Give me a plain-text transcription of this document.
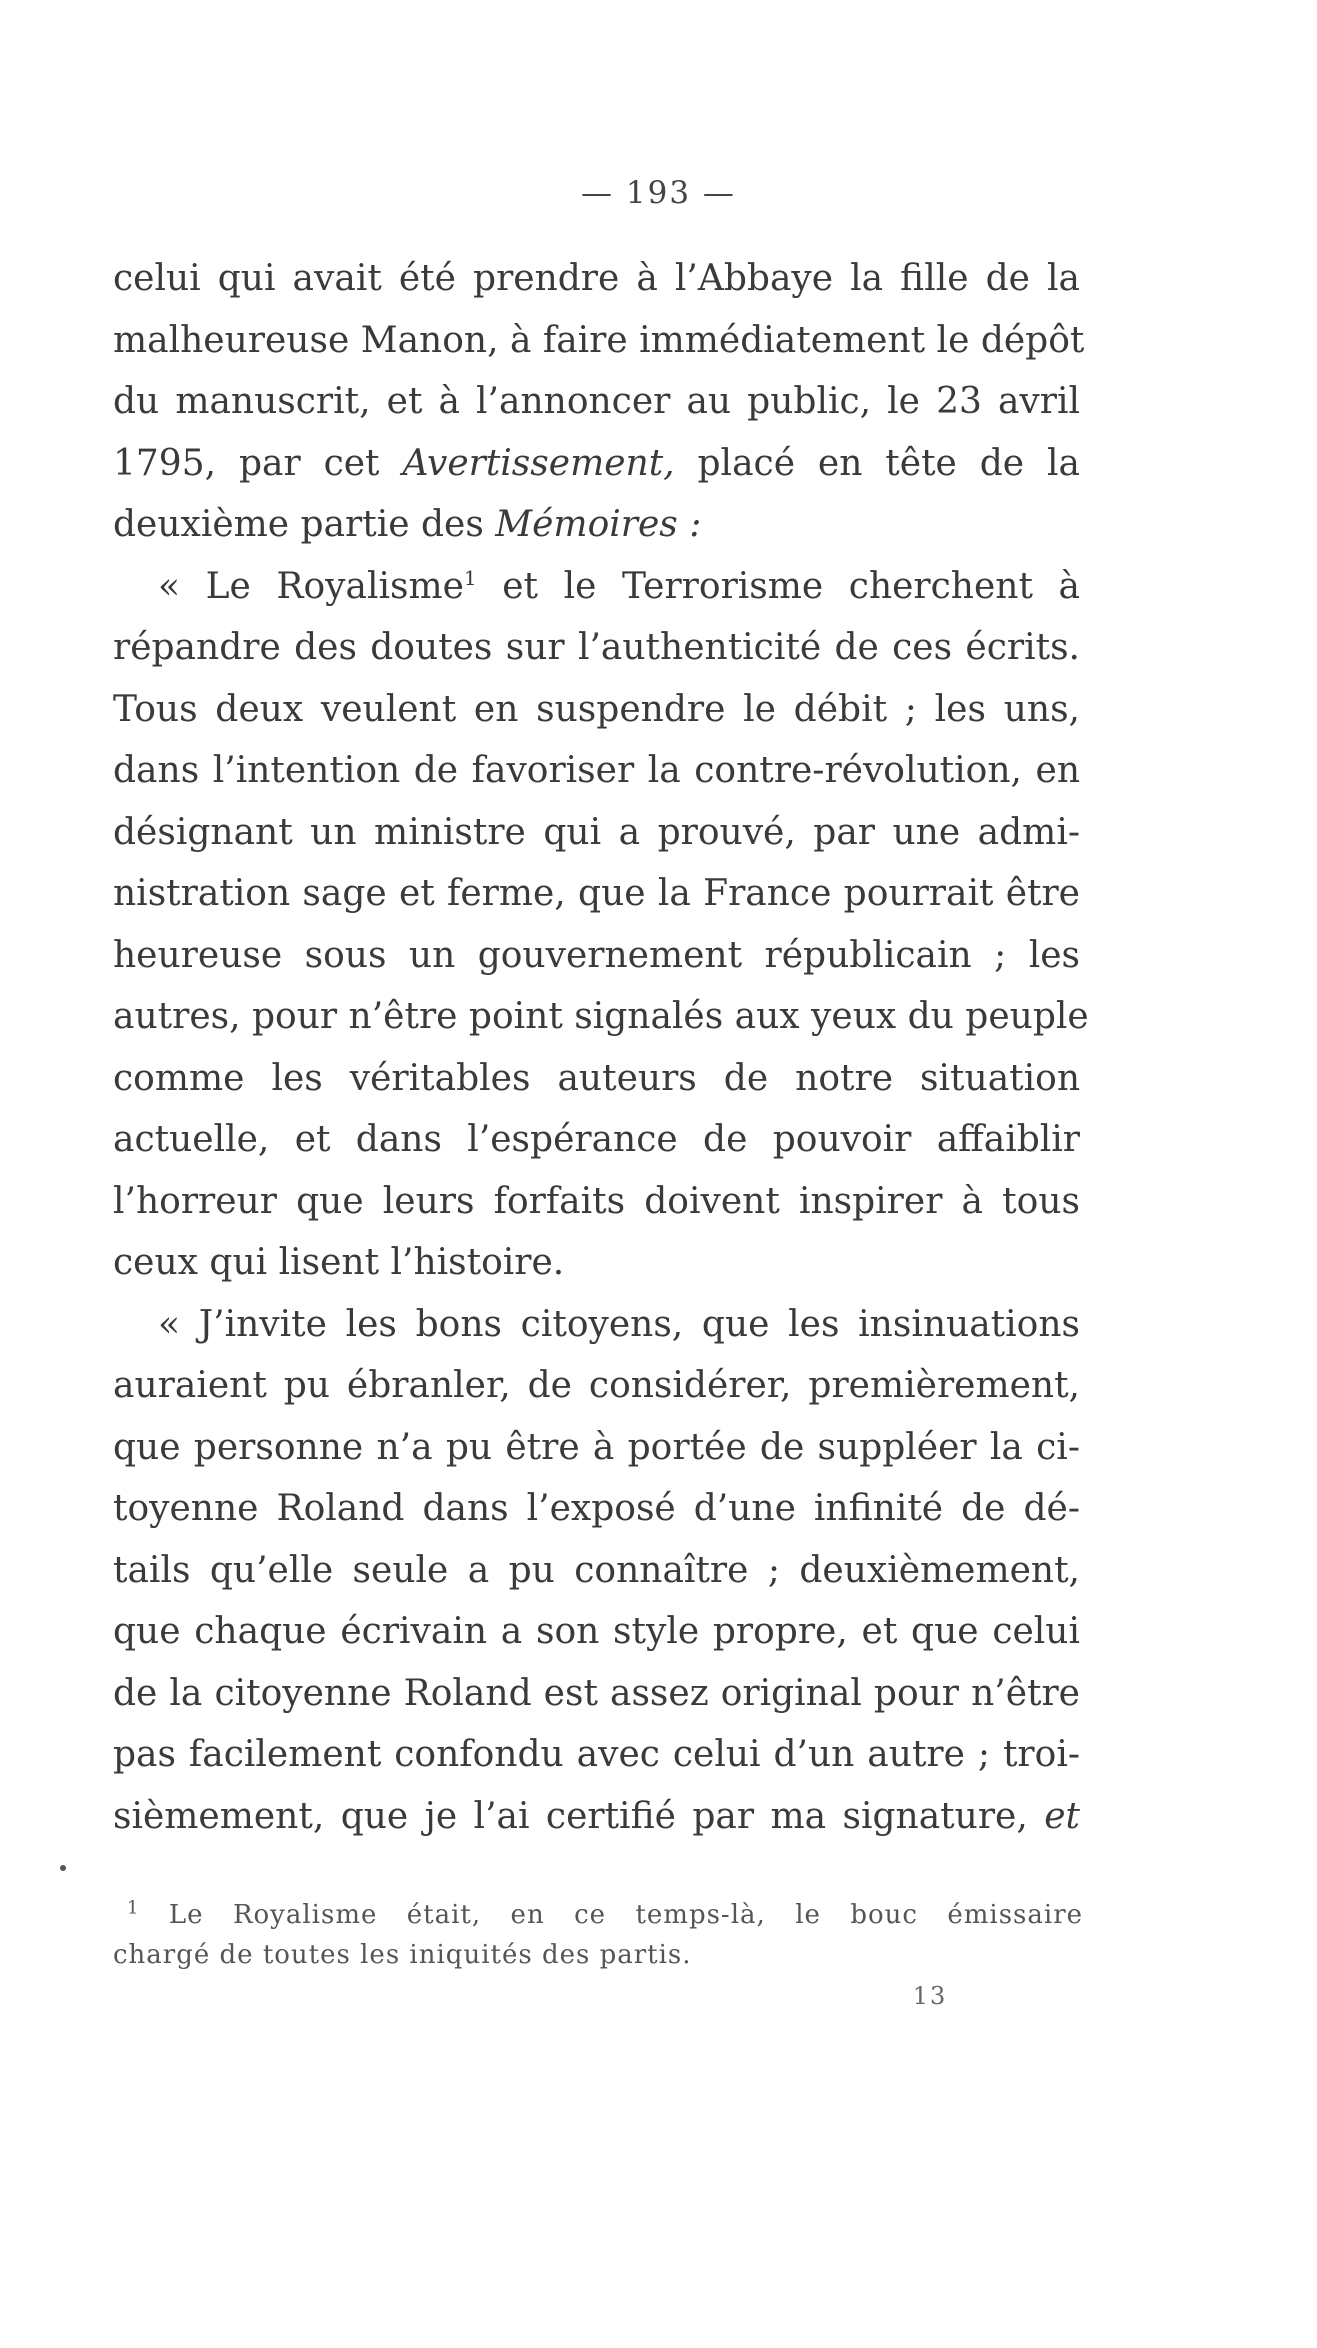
— 193 —
celui qui avait été prendre à l’Abbaye la fille de la
malheureuse Manon, à faire immédiatement le dépôt
du manuscrit, et à l’annoncer au public, le 23 avril
1795, par cet Avertissement, placé en tête de la
deuxième partie des Mémoires :
« Le Royalisme$^1$ et le Terrorisme cherchent à
répandre des doutes sur l’authenticité de ces écrits.
Tous deux veulent en suspendre le débit ; les uns,
dans l’intention de favoriser la contre-révolution, en
désignant un ministre qui a prouvé, par une admi-
nistration sage et ferme, que la France pourrait être
heureuse sous un gouvernement républicain ; les
autres, pour n’être point signalés aux yeux du peuple
comme les véritables auteurs de notre situation
actuelle, et dans l’espérance de pouvoir affaiblir
l’horreur que leurs forfaits doivent inspirer à tous
ceux qui lisent l’histoire.
« J’invite les bons citoyens, que les insinuations
auraient pu ébranler, de considérer, premièrement,
que personne n’a pu être à portée de suppléer la ci-
toyenne Roland dans l’exposé d’une infinité de dé-
tails qu’elle seule a pu connaître ; deuxièmement,
que chaque écrivain a son style propre, et que celui
de la citoyenne Roland est assez original pour n’être
pas facilement confondu avec celui d’un autre ; troi-
sièmement, que je l’ai certifié par ma signature, et
$^1$ Le Royalisme était, en ce temps-là, le bouc émissaire
chargé de toutes les iniquités des partis.
13
